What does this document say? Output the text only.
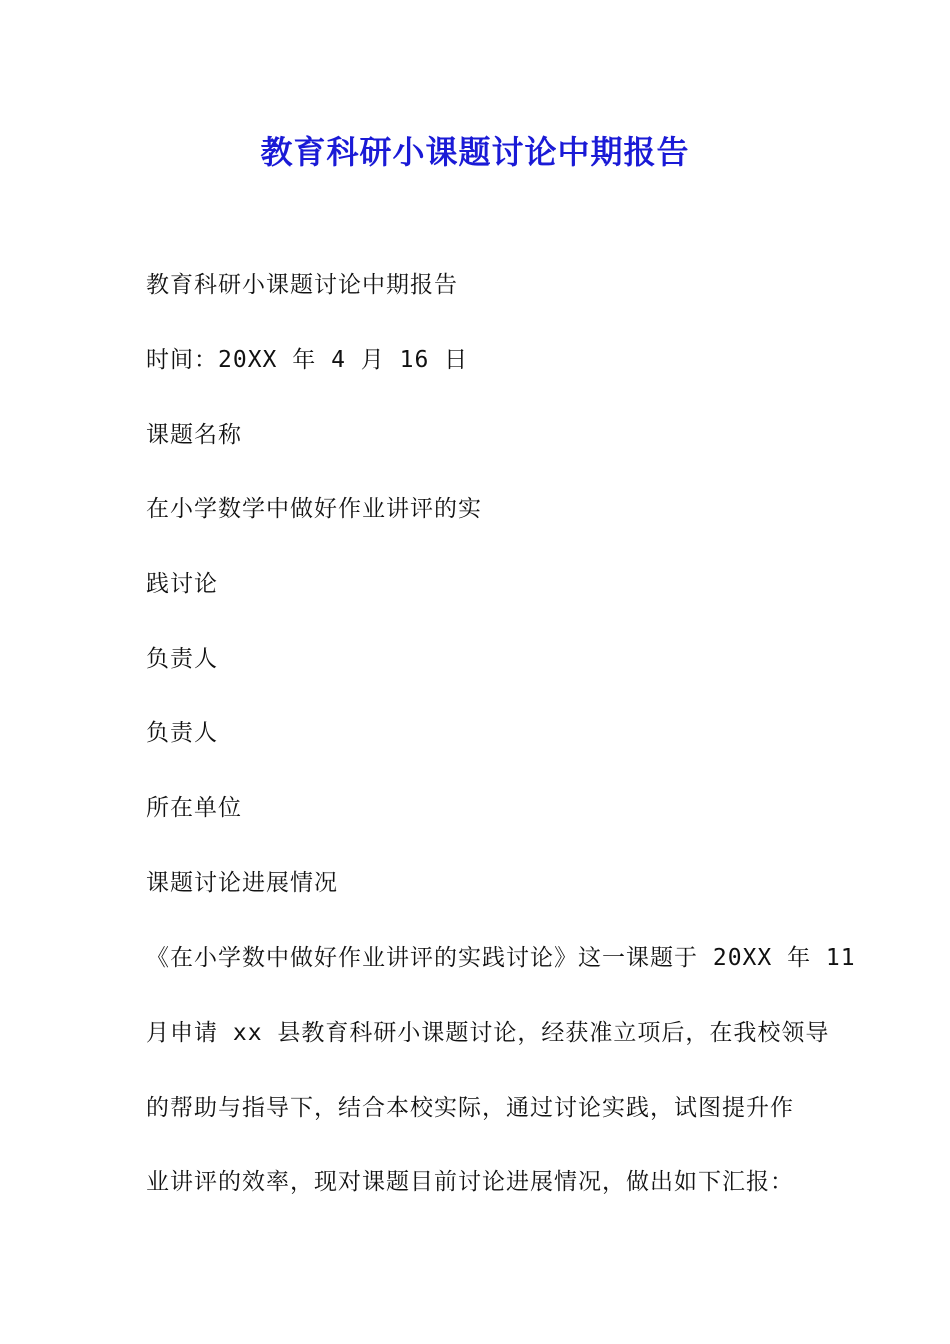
教育科研小课题讨论中期报告
教育科研小课题讨论中期报告
时间：20XX 年 4 月 16 日
课题名称
在小学数学中做好作业讲评的实
践讨论
负责人
负责人
所在单位
课题讨论进展情况
《在小学数中做好作业讲评的实践讨论》这一课题于 20XX 年 11
月申请 xx 县教育科研小课题讨论，经获准立项后，在我校领导
的帮助与指导下，结合本校实际，通过讨论实践，试图提升作
业讲评的效率，现对课题目前讨论进展情况，做出如下汇报：
